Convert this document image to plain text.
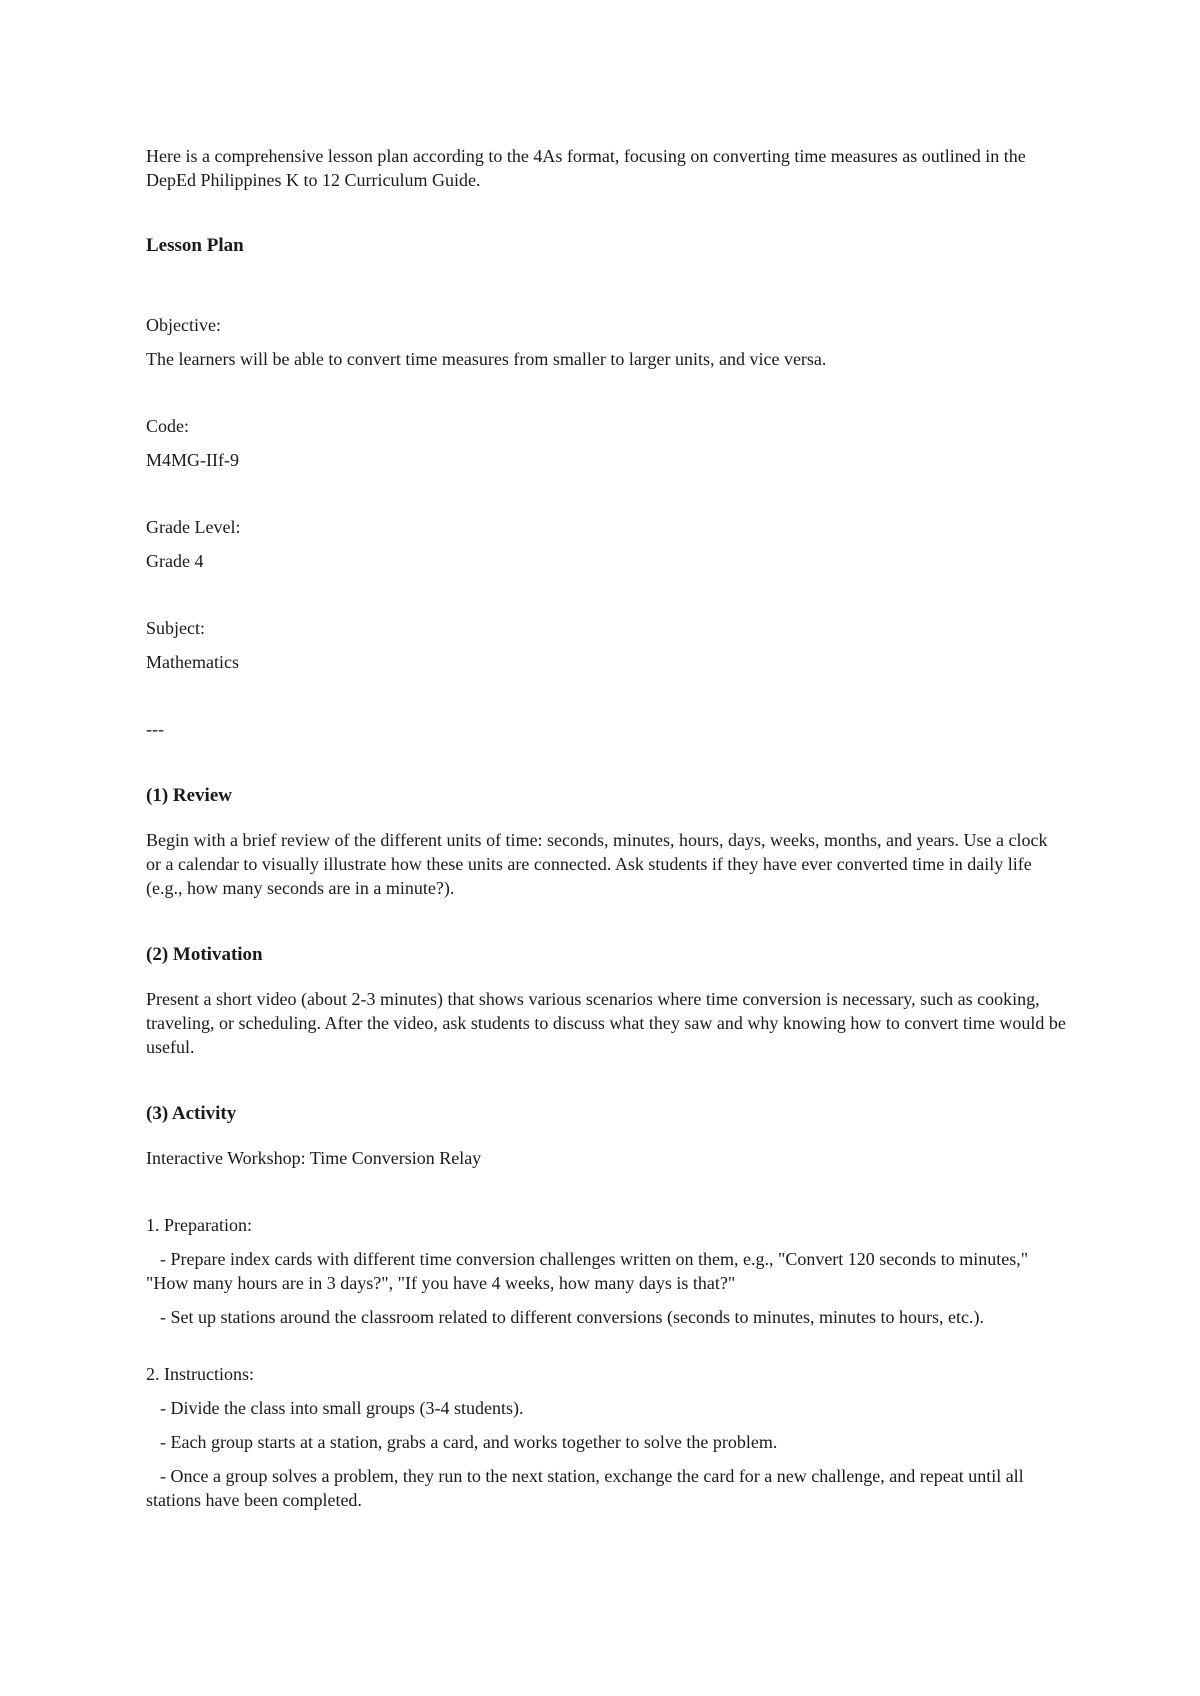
Here is a comprehensive lesson plan according to the 4As format, focusing on converting time measures as outlined in the DepEd Philippines K to 12 Curriculum Guide.

Lesson Plan

Objective:

The learners will be able to convert time measures from smaller to larger units, and vice versa.

Code:

M4MG-IIf-9

Grade Level:

Grade 4

Subject:

Mathematics

---

(1) Review

Begin with a brief review of the different units of time: seconds, minutes, hours, days, weeks, months, and years. Use a clock or a calendar to visually illustrate how these units are connected. Ask students if they have ever converted time in daily life (e.g., how many seconds are in a minute?).

(2) Motivation

Present a short video (about 2-3 minutes) that shows various scenarios where time conversion is necessary, such as cooking, traveling, or scheduling. After the video, ask students to discuss what they saw and why knowing how to convert time would be useful.

(3) Activity

Interactive Workshop: Time Conversion Relay

1. Preparation:

- Prepare index cards with different time conversion challenges written on them, e.g., "Convert 120 seconds to minutes," "How many hours are in 3 days?", "If you have 4 weeks, how many days is that?"

- Set up stations around the classroom related to different conversions (seconds to minutes, minutes to hours, etc.).

2. Instructions:

- Divide the class into small groups (3-4 students).

- Each group starts at a station, grabs a card, and works together to solve the problem.

- Once a group solves a problem, they run to the next station, exchange the card for a new challenge, and repeat until all stations have been completed.
